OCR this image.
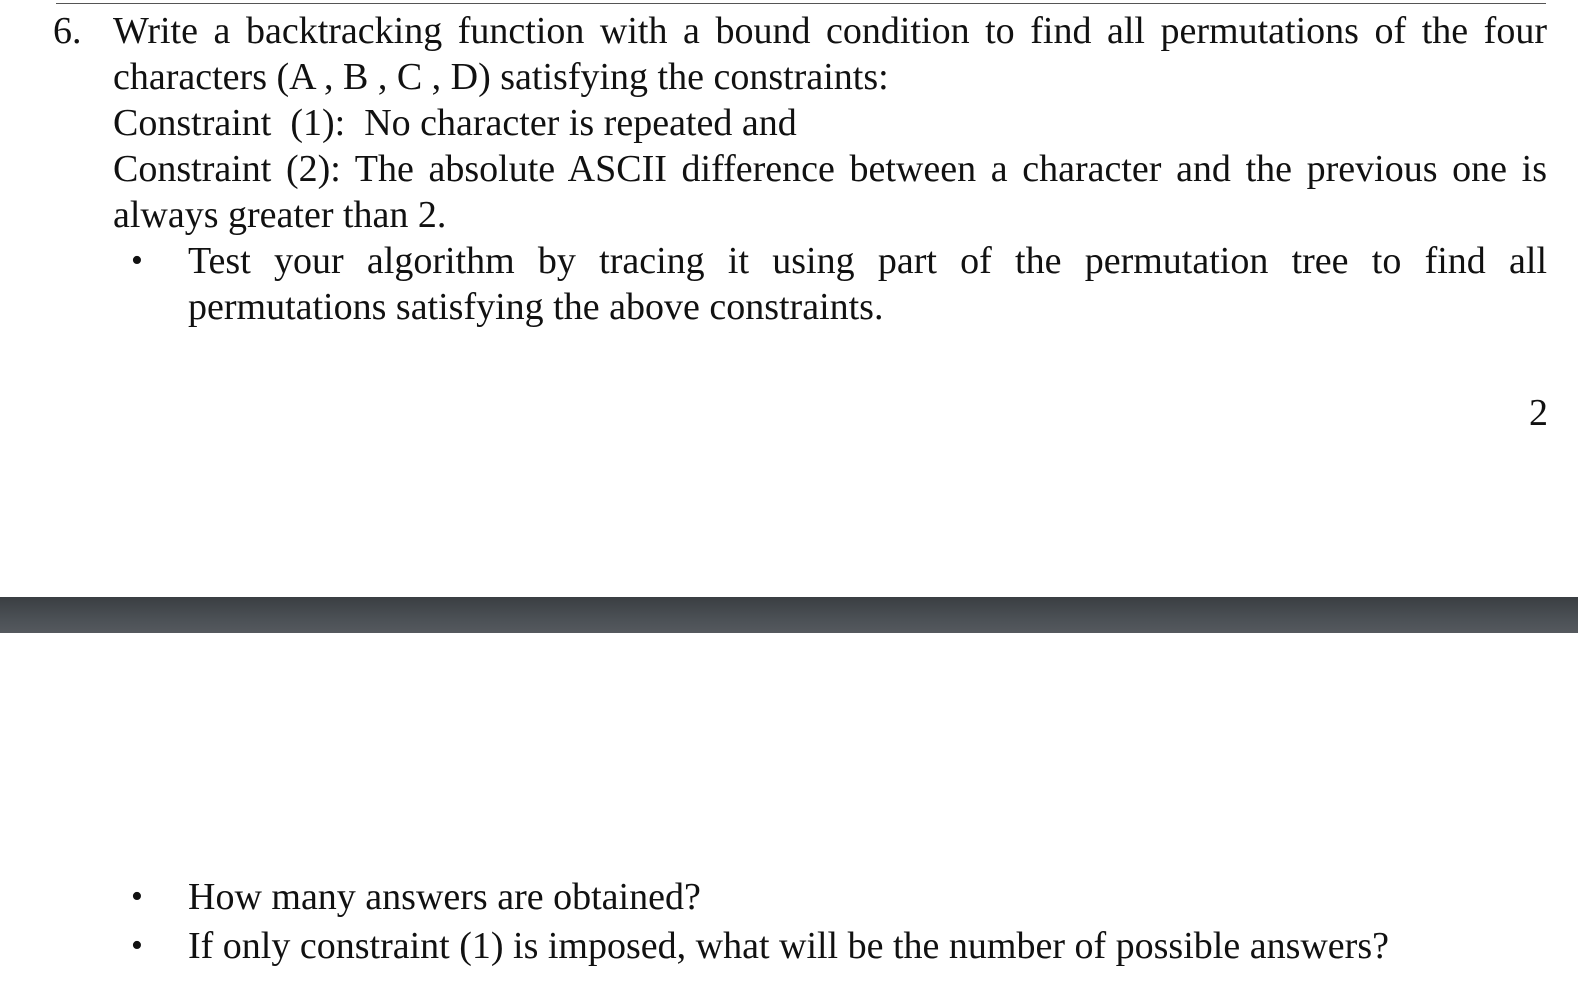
6. Write a backtracking function with a bound condition to find all permutations of the four
characters (A , B , C , D) satisfying the constraints:
Constraint  (1):  No character is repeated and
Constraint (2): The absolute ASCII difference between a character and the previous one is
always greater than 2.
• Test your algorithm by tracing it using part of the permutation tree to find all
permutations satisfying the above constraints.
2
• How many answers are obtained?
• If only constraint (1) is imposed, what will be the number of possible answers?
